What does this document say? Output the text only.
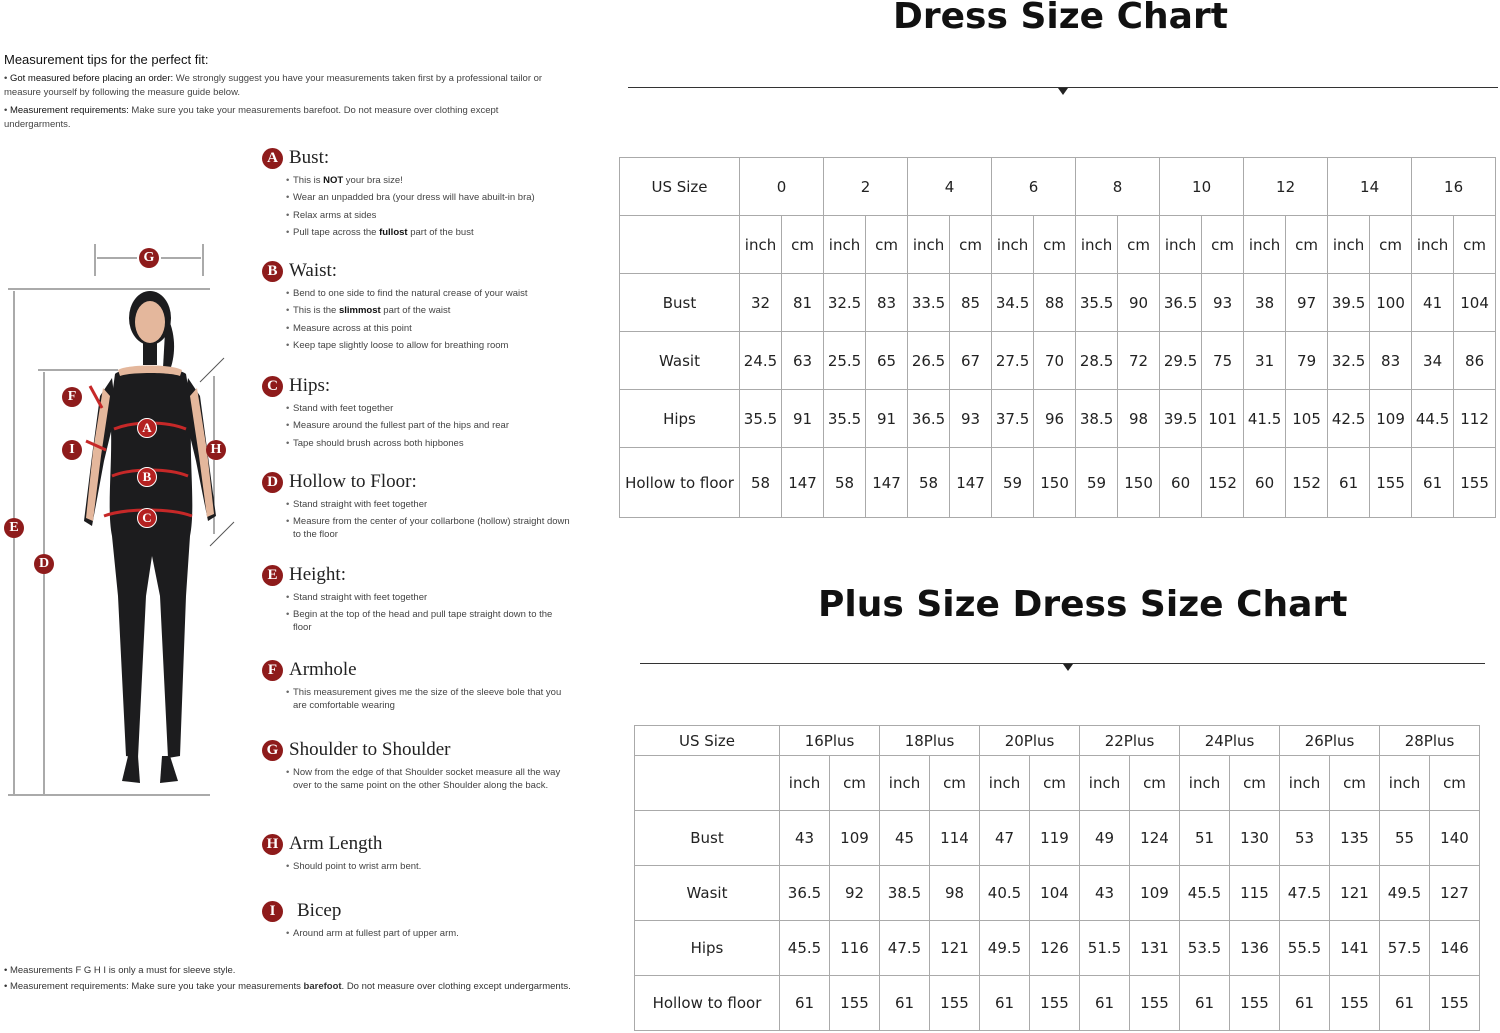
Measurement tips for the perfect fit:
• Got measured before placing an order: We strongly suggest you have your measurements taken first by a professional tailor or measure yourself by following the measure guide below.
• Measurement requirements: Make sure you take your measurements barefoot. Do not measure over clothing except undergarments.
A Bust:
• This is NOT your bra size!
• Wear an unpadded bra (your dress will have abuilt-in bra)
• Relax arms at sides
• Pull tape across the fullost part of the bust
B Waist:
• Bend to one side to find the natural crease of your waist
• This is the slimmost part of the waist
• Measure across at this point
• Keep tape slightly loose to allow for breathing room
C Hips:
• Stand with feet together
• Measure around the fullest part of the hips and rear
• Tape should brush across both hipbones
D Hollow to Floor:
• Stand straight with feet together
• Measure from the center of your collarbone (hollow) straight down to the floor
E Height:
• Stand straight with feet together
• Begin at the top of the head and pull tape straight down to the floor
F Armhole
• This measurement gives me the size of the sleeve bole that you are comfortable wearing
G Shoulder to Shoulder
• Now from the edge of that Shoulder socket measure all the way over to the same point on the other Shoulder along the back.
H Arm Length
• Should point to wrist arm bent.
I	Bicep
• Around arm at fullest part of upper arm.
• Measurements F G H I is only a must for sleeve style.
• Measurement requirements: Make sure you take your measurements barefoot. Do not measure over clothing except undergarments.
G
A
B
C
F
I	H
E
D
Dress Size Chart
US Size	0		2		4		6		8		10		12		14		16	
	inch	cm	inch	cm	inch	cm	inch	cm	inch	cm	inch	cm	inch	cm	inch	cm	inch	cm
Bust	32	81	32.5	83	33.5	85	34.5	88	35.5	90	36.5	93	38	97	39.5	100	41	104
Wasit	24.5	63	25.5	65	26.5	67	27.5	70	28.5	72	29.5	75	31	79	32.5	83	34	86
Hips	35.5	91	35.5	91	36.5	93	37.5	96	38.5	98	39.5	101	41.5	105	42.5	109	44.5	112
Hollow to floor	58	147	58	147	58	147	59	150	59	150	60	152	60	152	61	155	61	155
Plus Size Dress Size Chart
US Size	16Plus		18Plus		20Plus		22Plus		24Plus		26Plus		28Plus	
	inch	cm	inch	cm	inch	cm	inch	cm	inch	cm	inch	cm	inch	cm
Bust	43	109	45	114	47	119	49	124	51	130	53	135	55	140
Wasit	36.5	92	38.5	98	40.5	104	43	109	45.5	115	47.5	121	49.5	127
Hips	45.5	116	47.5	121	49.5	126	51.5	131	53.5	136	55.5	141	57.5	146
Hollow to floor	61	155	61	155	61	155	61	155	61	155	61	155	61	155
